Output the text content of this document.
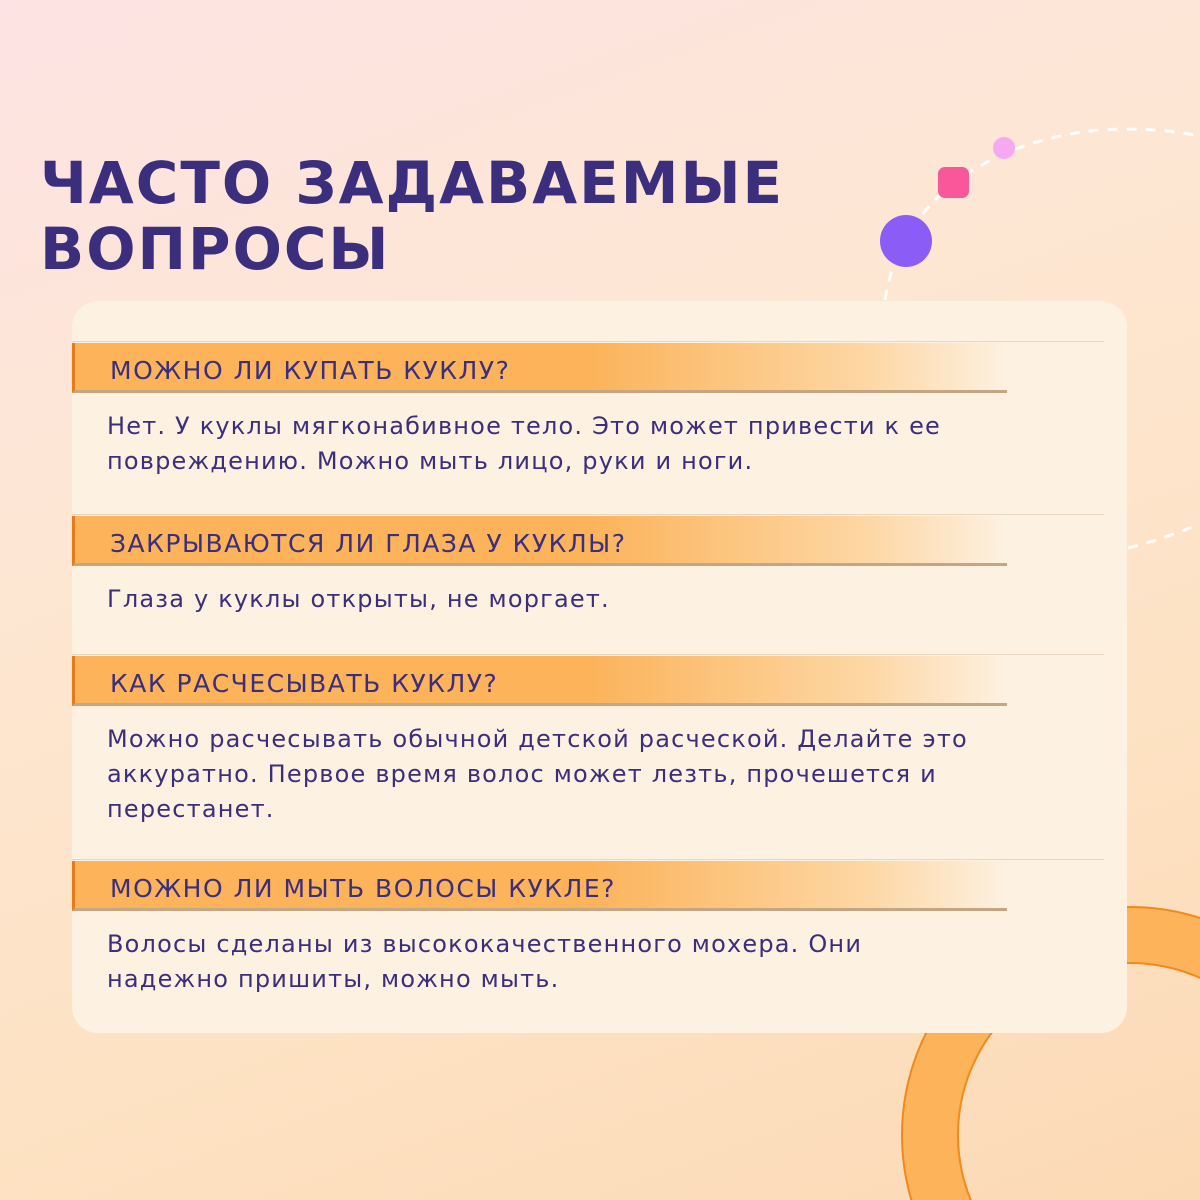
ЧАСТО ЗАДАВАЕМЫЕ ВОПРОСЫ
МОЖНО ЛИ КУПАТЬ КУКЛУ?
Нет. У куклы мягконабивное тело. Это может привести к ее повреждению. Можно мыть лицо, руки и ноги.
ЗАКРЫВАЮТСЯ ЛИ ГЛАЗА У КУКЛЫ?
Глаза у куклы открыты, не моргает.
КАК РАСЧЕСЫВАТЬ КУКЛУ?
Можно расчесывать обычной детской расческой. Делайте это аккуратно. Первое время волос может лезть, прочешется и перестанет.
МОЖНО ЛИ МЫТЬ ВОЛОСЫ КУКЛЕ?
Волосы сделаны из высококачественного мохера. Они надежно пришиты, можно мыть.
